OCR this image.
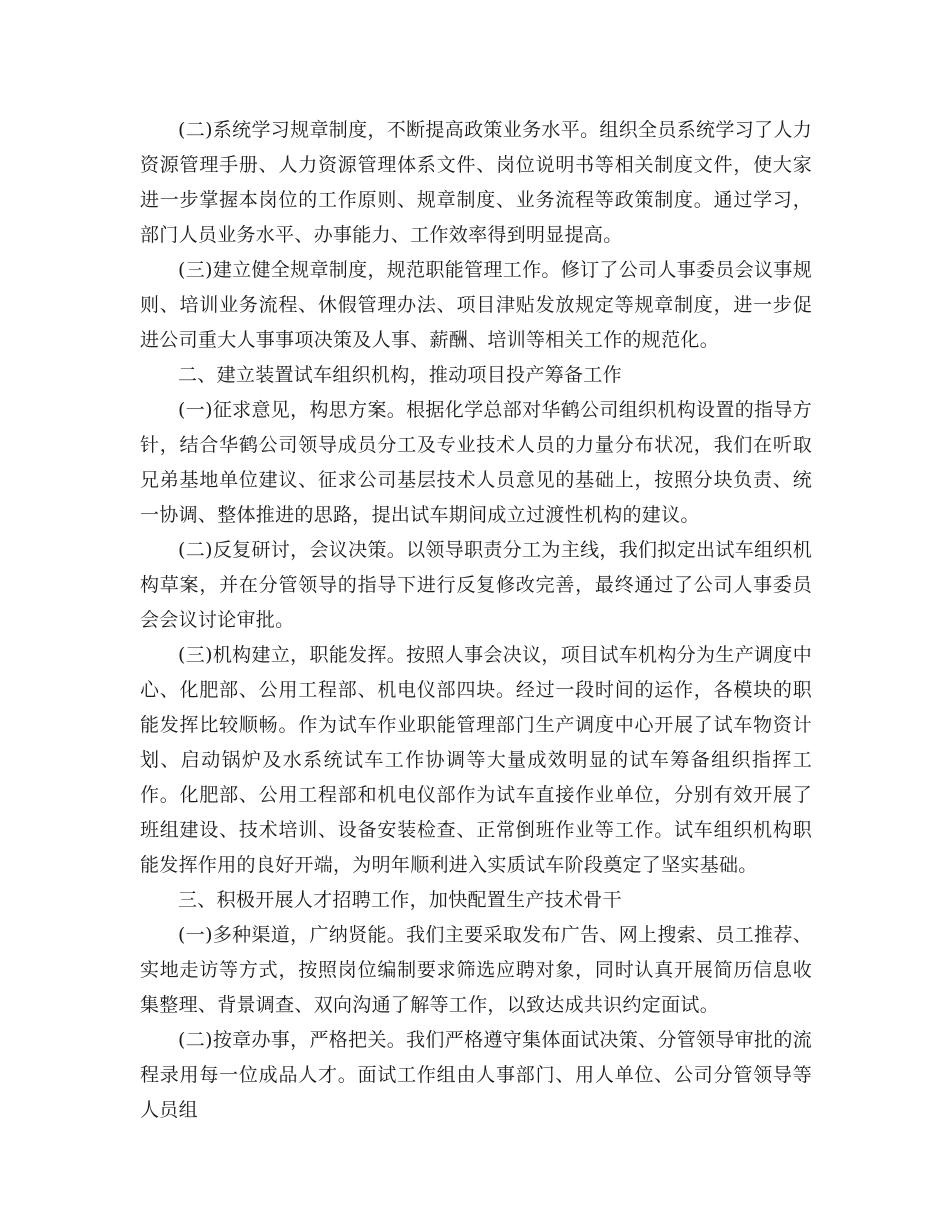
(二)系统学习规章制度，不断提高政策业务水平。组织全员系统学习了人力资源管理手册、人力资源管理体系文件、岗位说明书等相关制度文件，使大家进一步掌握本岗位的工作原则、规章制度、业务流程等政策制度。通过学习，部门人员业务水平、办事能力、工作效率得到明显提高。

(三)建立健全规章制度，规范职能管理工作。修订了公司人事委员会议事规则、培训业务流程、休假管理办法、项目津贴发放规定等规章制度，进一步促进公司重大人事事项决策及人事、薪酬、培训等相关工作的规范化。

二、建立装置试车组织机构，推动项目投产筹备工作

(一)征求意见，构思方案。根据化学总部对华鹤公司组织机构设置的指导方针，结合华鹤公司领导成员分工及专业技术人员的力量分布状况，我们在听取兄弟基地单位建议、征求公司基层技术人员意见的基础上，按照分块负责、统一协调、整体推进的思路，提出试车期间成立过渡性机构的建议。

(二)反复研讨，会议决策。以领导职责分工为主线，我们拟定出试车组织机构草案，并在分管领导的指导下进行反复修改完善，最终通过了公司人事委员会会议讨论审批。

(三)机构建立，职能发挥。按照人事会决议，项目试车机构分为生产调度中心、化肥部、公用工程部、机电仪部四块。经过一段时间的运作，各模块的职能发挥比较顺畅。作为试车作业职能管理部门生产调度中心开展了试车物资计划、启动锅炉及水系统试车工作协调等大量成效明显的试车筹备组织指挥工作。化肥部、公用工程部和机电仪部作为试车直接作业单位，分别有效开展了班组建设、技术培训、设备安装检查、正常倒班作业等工作。试车组织机构职能发挥作用的良好开端，为明年顺利进入实质试车阶段奠定了坚实基础。

三、积极开展人才招聘工作，加快配置生产技术骨干

(一)多种渠道，广纳贤能。我们主要采取发布广告、网上搜索、员工推荐、实地走访等方式，按照岗位编制要求筛选应聘对象，同时认真开展简历信息收集整理、背景调查、双向沟通了解等工作，以致达成共识约定面试。

(二)按章办事，严格把关。我们严格遵守集体面试决策、分管领导审批的流程录用每一位成品人才。面试工作组由人事部门、用人单位、公司分管领导等人员组
